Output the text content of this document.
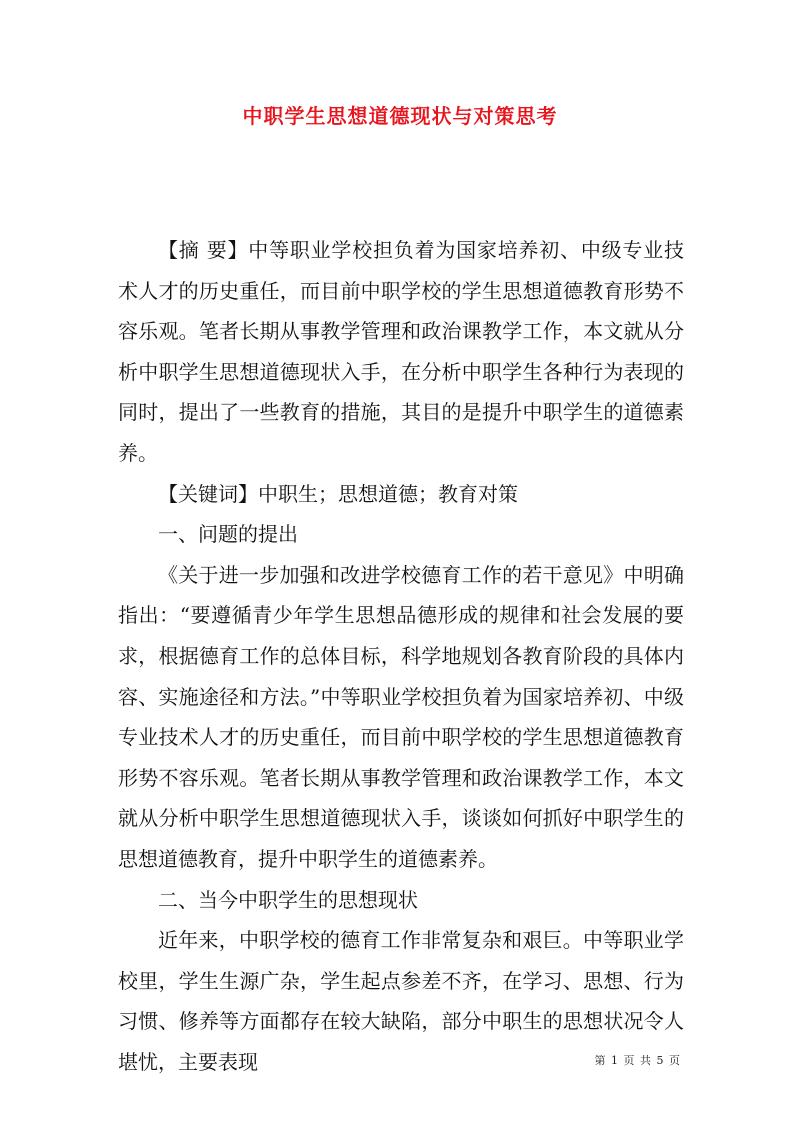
中职学生思想道德现状与对策思考

【摘 要】中等职业学校担负着为国家培养初、中级专业技术人才的历史重任，而目前中职学校的学生思想道德教育形势不容乐观。笔者长期从事教学管理和政治课教学工作，本文就从分析中职学生思想道德现状入手，在分析中职学生各种行为表现的同时，提出了一些教育的措施，其目的是提升中职学生的道德素养。

【关键词】中职生；思想道德；教育对策

一、问题的提出

《关于进一步加强和改进学校德育工作的若干意见》中明确指出：“要遵循青少年学生思想品德形成的规律和社会发展的要求，根据德育工作的总体目标，科学地规划各教育阶段的具体内容、实施途径和方法。”中等职业学校担负着为国家培养初、中级专业技术人才的历史重任，而目前中职学校的学生思想道德教育形势不容乐观。笔者长期从事教学管理和政治课教学工作，本文就从分析中职学生思想道德现状入手，谈谈如何抓好中职学生的思想道德教育，提升中职学生的道德素养。

二、当今中职学生的思想现状

近年来，中职学校的德育工作非常复杂和艰巨。中等职业学校里，学生生源广杂，学生起点参差不齐，在学习、思想、行为习惯、修养等方面都存在较大缺陷，部分中职生的思想状况令人堪忧，主要表现	第 1 页 共 5 页
